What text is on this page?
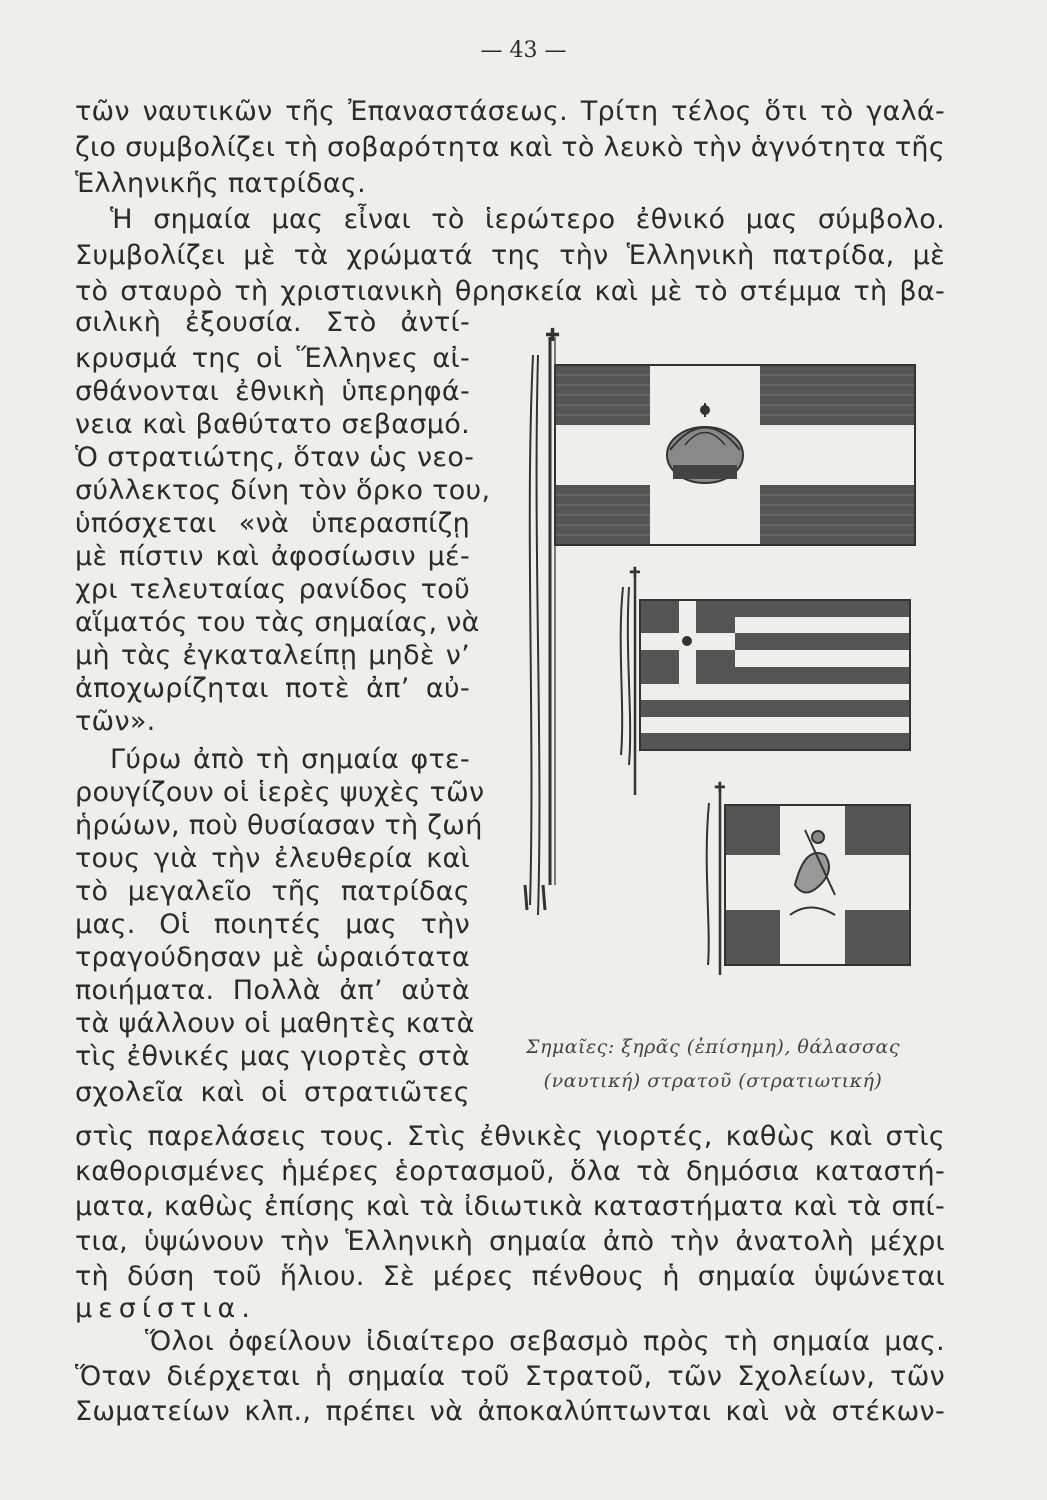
— 43 —
τῶν ναυτικῶν τῆς Ἐπαναστάσεως. Τρίτη τέλος ὅτι τὸ γαλά-
ζιο συμβολίζει τὴ σοβαρότητα καὶ τὸ λευκὸ τὴν ἁγνότητα τῆς
Ἑλληνικῆς πατρίδας.
Ἡ σημαία μας εἶναι τὸ ἱερώτερο ἐθνικό μας σύμβολο.
Συμβολίζει μὲ τὰ χρώματά της τὴν Ἑλληνικὴ πατρίδα, μὲ
τὸ σταυρὸ τὴ χριστιανικὴ θρησκεία καὶ μὲ τὸ στέμμα τὴ βα-
σιλικὴ ἐξουσία. Στὸ ἀντί-
κρυσμά της οἱ Ἕλληνες αἰ-
σθάνονται ἐθνικὴ ὑπερηφά-
νεια καὶ βαθύτατο σεβασμό.
Ὁ στρατιώτης, ὅταν ὡς νεο-
σύλλεκτος δίνη τὸν ὅρκο του,
ὑπόσχεται «νὰ ὑπερασπίζῃ
μὲ πίστιν καὶ ἀφοσίωσιν μέ-
χρι τελευταίας ρανίδος τοῦ
αἵματός του τὰς σημαίας, νὰ
μὴ τὰς ἐγκαταλείπῃ μηδὲ ν’
ἀποχωρίζηται ποτὲ ἀπ’ αὐ-
τῶν».
Γύρω ἀπὸ τὴ σημαία φτε-
ρουγίζουν οἱ ἱερὲς ψυχὲς τῶν
ἡρώων, ποὺ θυσίασαν τὴ ζωή
τους γιὰ τὴν ἐλευθερία καὶ
τὸ μεγαλεῖο τῆς πατρίδας
μας. Οἱ ποιητές μας τὴν
τραγούδησαν μὲ ὡραιότατα
ποιήματα. Πολλὰ ἀπ’ αὐτὰ
τὰ ψάλλουν οἱ μαθητὲς κατὰ
τὶς ἐθνικές μας γιορτὲς στὰ
σχολεῖα καὶ οἱ στρατιῶτες
✚
✚
✚
Σημαῖες: ξηρᾶς (ἐπίσημη), θάλασσας
(ναυτική) στρατοῦ (στρατιωτική)
στὶς παρελάσεις τους. Στὶς ἐθνικὲς γιορτές, καθὼς καὶ στὶς
καθορισμένες ἡμέρες ἑορτασμοῦ, ὅλα τὰ δημόσια καταστή-
ματα, καθὼς ἐπίσης καὶ τὰ ἰδιωτικὰ καταστήματα καὶ τὰ σπί-
τια, ὑψώνουν τὴν Ἑλληνικὴ σημαία ἀπὸ τὴν ἀνατολὴ μέχρι
τὴ δύση τοῦ ἥλιου. Σὲ μέρες πένθους ἡ σημαία ὑψώνεται
μεσίστια.
Ὅλοι ὀφείλουν ἰδιαίτερο σεβασμὸ πρὸς τὴ σημαία μας.
Ὅταν διέρχεται ἡ σημαία τοῦ Στρατοῦ, τῶν Σχολείων, τῶν
Σωματείων κλπ., πρέπει νὰ ἀποκαλύπτωνται καὶ νὰ στέκων-
